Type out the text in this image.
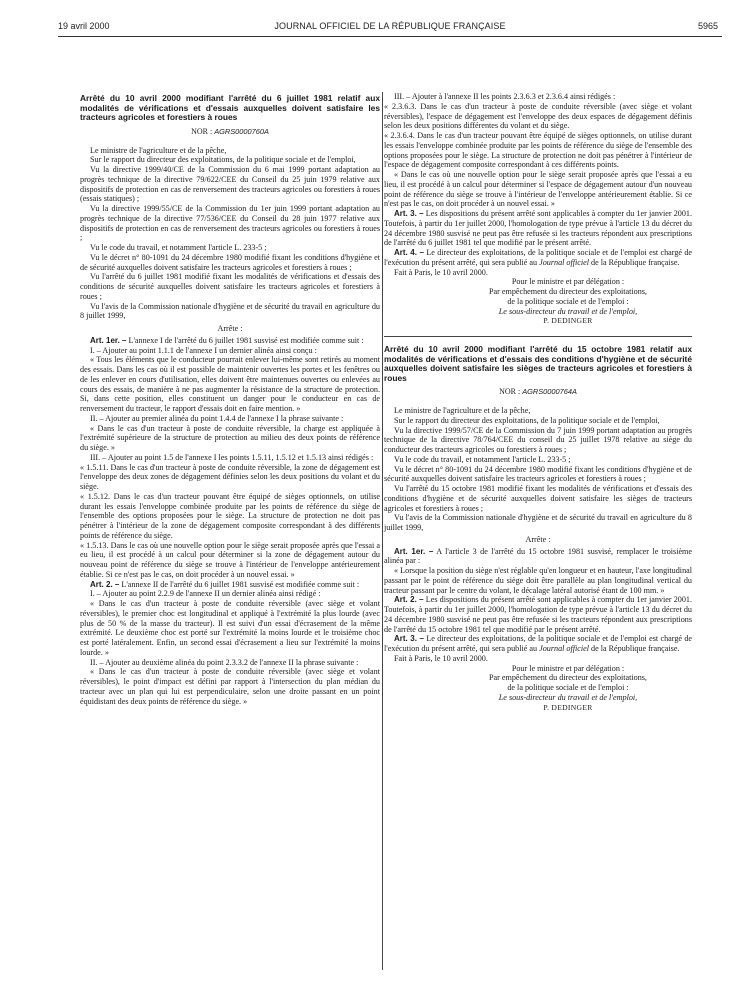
19 avril 2000	JOURNAL OFFICIEL DE LA RÉPUBLIQUE FRANÇAISE	5965

Arrêté du 10 avril 2000 modifiant l'arrêté du 6 juillet 1981 relatif aux modalités de vérifications et d'essais auxquelles doivent satisfaire les tracteurs agricoles et forestiers à roues

NOR : AGRS0000760A

Le ministre de l'agriculture et de la pêche,

Sur le rapport du directeur des exploitations, de la politique sociale et de l'emploi,

Vu la directive 1999/40/CE de la Commission du 6 mai 1999 portant adaptation au progrès technique de la directive 79/622/CEE du Conseil du 25 juin 1979 relative aux dispositifs de protection en cas de renversement des tracteurs agricoles ou forestiers à roues (essais statiques) ;

Vu la directive 1999/55/CE de la Commission du 1er juin 1999 portant adaptation au progrès technique de la directive 77/536/CEE du Conseil du 28 juin 1977 relative aux dispositifs de protection en cas de renversement des tracteurs agricoles ou forestiers à roues ;

Vu le code du travail, et notamment l'article L. 233-5 ;

Vu le décret n° 80-1091 du 24 décembre 1980 modifié fixant les conditions d'hygiène et de sécurité auxquelles doivent satisfaire les tracteurs agricoles et forestiers à roues ;

Vu l'arrêté du 6 juillet 1981 modifié fixant les modalités de vérifications et d'essais des conditions de sécurité auxquelles doivent satisfaire les tracteurs agricoles et forestiers à roues ;

Vu l'avis de la Commission nationale d'hygiène et de sécurité du travail en agriculture du 8 juillet 1999,

Arrête :

Art. 1er. – L'annexe I de l'arrêté du 6 juillet 1981 susvisé est modifiée comme suit :

I. – Ajouter au point 1.1.1 de l'annexe I un dernier alinéa ainsi conçu :

« Tous les éléments que le conducteur pourrait enlever lui-même sont retirés au moment des essais. Dans les cas où il est possible de maintenir ouvertes les portes et les fenêtres ou de les enlever en cours d'utilisation, elles doivent être maintenues ouvertes ou enlevées au cours des essais, de manière à ne pas augmenter la résistance de la structure de protection. Si, dans cette position, elles constituent un danger pour le conducteur en cas de renversement du tracteur, le rapport d'essais doit en faire mention. »

II. – Ajouter au premier alinéa du point 1.4.4 de l'annexe I la phrase suivante :

« Dans le cas d'un tracteur à poste de conduite réversible, la charge est appliquée à l'extrémité supérieure de la structure de protection au milieu des deux points de référence du siège. »

III. – Ajouter au point 1.5 de l'annexe I les points 1.5.11, 1.5.12 et 1.5.13 ainsi rédigés :

« 1.5.11. Dans le cas d'un tracteur à poste de conduite réversible, la zone de dégagement est l'enveloppe des deux zones de dégagement définies selon les deux positions du volant et du siège.

« 1.5.12. Dans le cas d'un tracteur pouvant être équipé de sièges optionnels, on utilise durant les essais l'enveloppe combinée produite par les points de référence du siège de l'ensemble des options proposées pour le siège. La structure de protection ne doit pas pénétrer à l'intérieur de la zone de dégagement composite correspondant à des différents points de référence du siège.

« 1.5.13. Dans le cas où une nouvelle option pour le siège serait proposée après que l'essai a eu lieu, il est procédé à un calcul pour déterminer si la zone de dégagement autour du nouveau point de référence du siège se trouve à l'intérieur de l'enveloppe antérieurement établie. Si ce n'est pas le cas, on doit procéder à un nouvel essai. »

Art. 2. – L'annexe II de l'arrêté du 6 juillet 1981 susvisé est modifiée comme suit :

I. – Ajouter au point 2.2.9 de l'annexe II un dernier alinéa ainsi rédigé :

« Dans le cas d'un tracteur à poste de conduite réversible (avec siège et volant réversibles), le premier choc est longitudinal et appliqué à l'extrémité la plus lourde (avec plus de 50 % de la masse du tracteur). Il est suivi d'un essai d'écrasement de la même extrémité. Le deuxième choc est porté sur l'extrémité la moins lourde et le troisième choc est porté latéralement. Enfin, un second essai d'écrasement a lieu sur l'extrémité la moins lourde. »

II. – Ajouter au deuxième alinéa du point 2.3.3.2 de l'annexe II la phrase suivante :

« Dans le cas d'un tracteur à poste de conduite réversible (avec siège et volant réversibles), le point d'impact est défini par rapport à l'intersection du plan médian du tracteur avec un plan qui lui est perpendiculaire, selon une droite passant en un point équidistant des deux points de référence du siège. »

III. – Ajouter à l'annexe II les points 2.3.6.3 et 2.3.6.4 ainsi rédigés :

« 2.3.6.3. Dans le cas d'un tracteur à poste de conduite réversible (avec siège et volant réversibles), l'espace de dégagement est l'enveloppe des deux espaces de dégagement définis selon les deux positions différentes du volant et du siège.

« 2.3.6.4. Dans le cas d'un tracteur pouvant être équipé de sièges optionnels, on utilise durant les essais l'enveloppe combinée produite par les points de référence du siège de l'ensemble des options proposées pour le siège. La structure de protection ne doit pas pénétrer à l'intérieur de l'espace de dégagement composite correspondant à ces différents points.

« Dans le cas où une nouvelle option pour le siège serait proposée après que l'essai a eu lieu, il est procédé à un calcul pour déterminer si l'espace de dégagement autour d'un nouveau point de référence du siège se trouve à l'intérieur de l'enveloppe antérieurement établie. Si ce n'est pas le cas, on doit procéder à un nouvel essai. »

Art. 3. – Les dispositions du présent arrêté sont applicables à compter du 1er janvier 2001. Toutefois, à partir du 1er juillet 2000, l'homologation de type prévue à l'article 13 du décret du 24 décembre 1980 susvisé ne peut pas être refusée si les tracteurs répondent aux prescriptions de l'arrêté du 6 juillet 1981 tel que modifié par le présent arrêté.

Art. 4. – Le directeur des exploitations, de la politique sociale et de l'emploi est chargé de l'exécution du présent arrêté, qui sera publié au Journal officiel de la République française.

Fait à Paris, le 10 avril 2000.

Pour le ministre et par délégation :
Par empêchement du directeur des exploitations,
de la politique sociale et de l'emploi :
Le sous-directeur du travail et de l'emploi,
P. DEDINGER

Arrêté du 10 avril 2000 modifiant l'arrêté du 15 octobre 1981 relatif aux modalités de vérifications et d'essais des conditions d'hygiène et de sécurité auxquelles doivent satisfaire les sièges de tracteurs agricoles et forestiers à roues

NOR : AGRS0000764A

Le ministre de l'agriculture et de la pêche,

Sur le rapport du directeur des exploitations, de la politique sociale et de l'emploi,

Vu la directive 1999/57/CE de la Commission du 7 juin 1999 portant adaptation au progrès technique de la directive 78/764/CEE du conseil du 25 juillet 1978 relative au siège du conducteur des tracteurs agricoles ou forestiers à roues ;

Vu le code du travail, et notamment l'article L. 233-5 ;

Vu le décret n° 80-1091 du 24 décembre 1980 modifié fixant les conditions d'hygiène et de sécurité auxquelles doivent satisfaire les tracteurs agricoles et forestiers à roues ;

Vu l'arrêté du 15 octobre 1981 modifié fixant les modalités de vérifications et d'essais des conditions d'hygiène et de sécurité auxquelles doivent satisfaire les sièges de tracteurs agricoles et forestiers à roues ;

Vu l'avis de la Commission nationale d'hygiène et de sécurité du travail en agriculture du 8 juillet 1999,

Arrête :

Art. 1er. – A l'article 3 de l'arrêté du 15 octobre 1981 susvisé, remplacer le troisième alinéa par :

« Lorsque la position du siège n'est réglable qu'en longueur et en hauteur, l'axe longitudinal passant par le point de référence du siège doit être parallèle au plan longitudinal vertical du tracteur passant par le centre du volant, le décalage latéral autorisé étant de 100 mm. »

Art. 2. – Les dispositions du présent arrêté sont applicables à compter du 1er janvier 2001. Toutefois, à partir du 1er juillet 2000, l'homologation de type prévue à l'article 13 du décret du 24 décembre 1980 susvisé ne peut pas être refusée si les tracteurs répondent aux prescriptions de l'arrêté du 15 octobre 1981 tel que modifié par le présent arrêté.

Art. 3. – Le directeur des exploitations, de la politique sociale et de l'emploi est chargé de l'exécution du présent arrêté, qui sera publié au Journal officiel de la République française.

Fait à Paris, le 10 avril 2000.

Pour le ministre et par délégation :
Par empêchement du directeur des exploitations,
de la politique sociale et de l'emploi :
Le sous-directeur du travail et de l'emploi,
P. DEDINGER
